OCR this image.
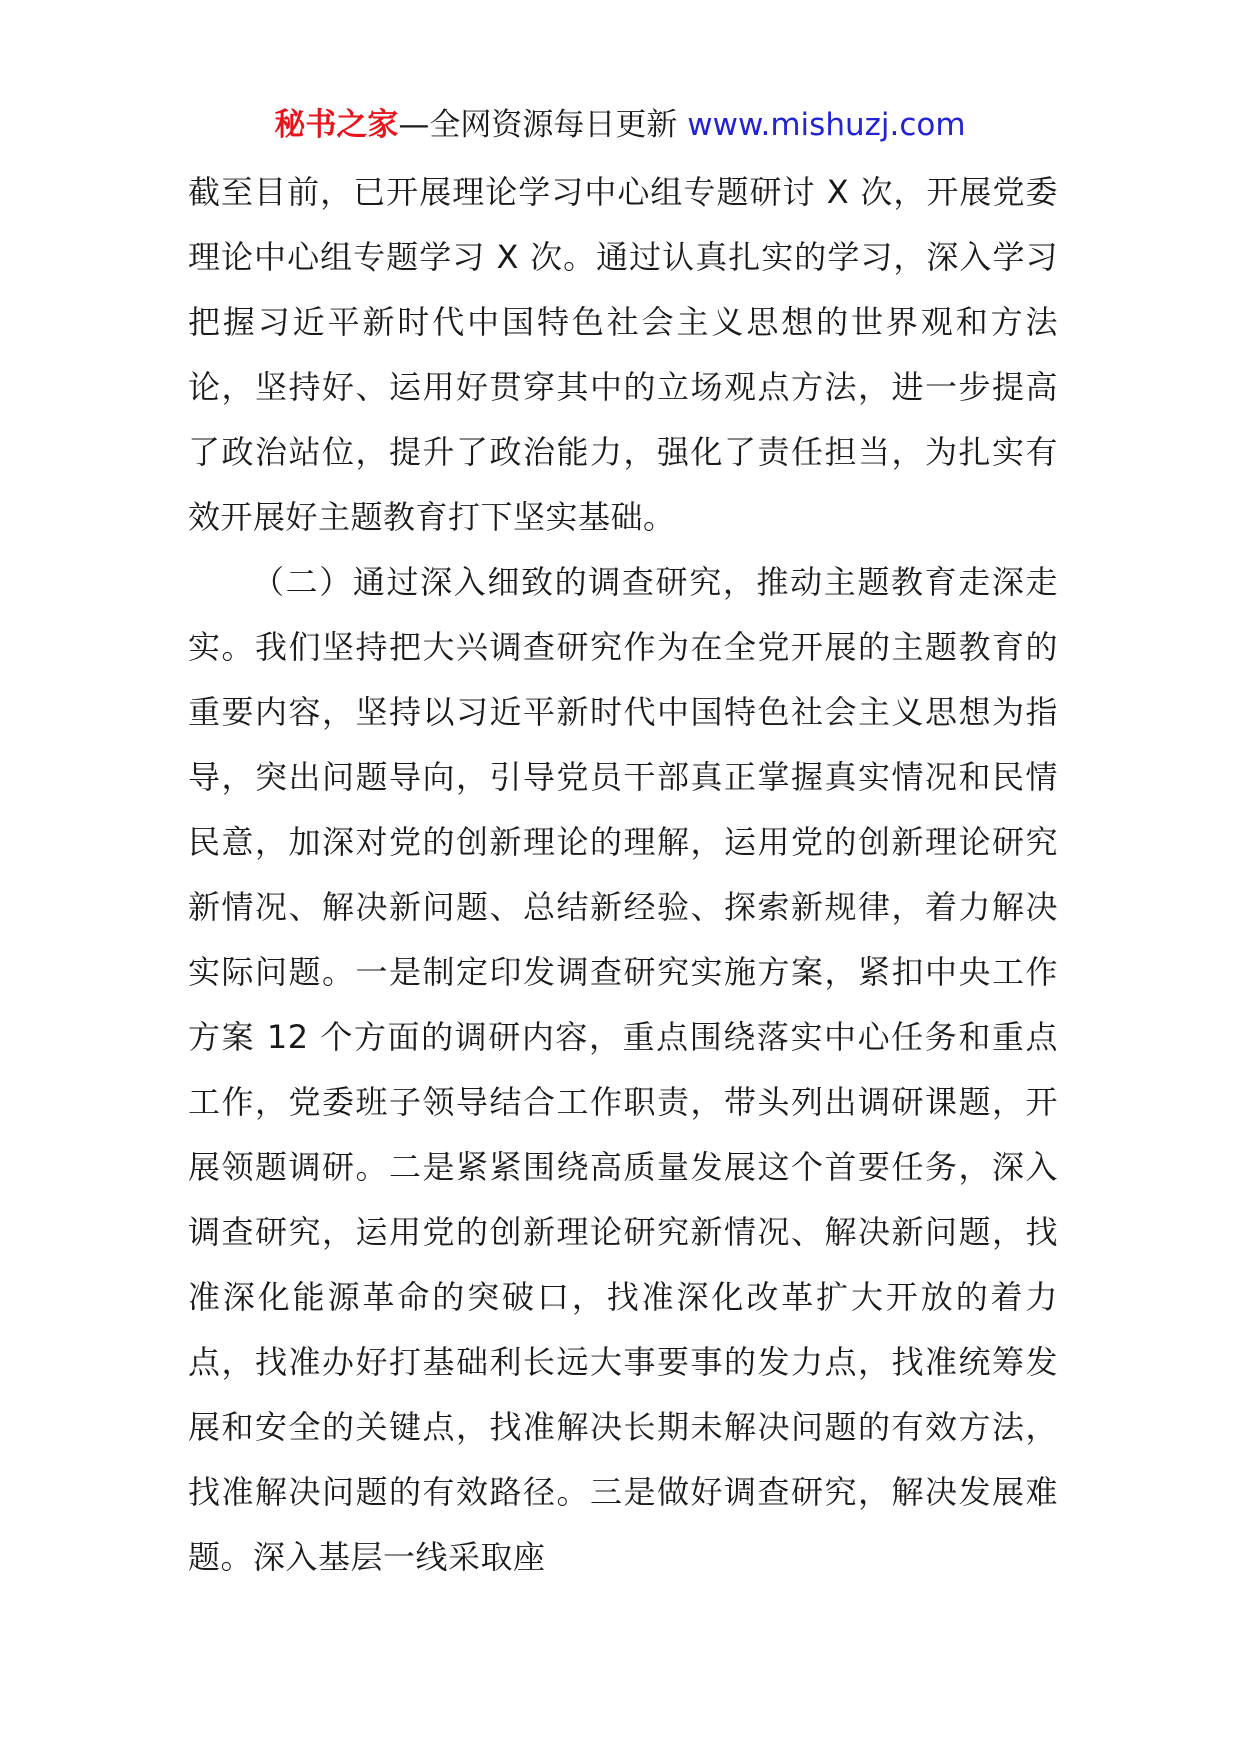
秘书之家—全网资源每日更新 www.mishuzj.com

截至目前，已开展理论学习中心组专题研讨 X 次，开展党委理论中心组专题学习 X 次。通过认真扎实的学习，深入学习把握习近平新时代中国特色社会主义思想的世界观和方法论，坚持好、运用好贯穿其中的立场观点方法，进一步提高了政治站位，提升了政治能力，强化了责任担当，为扎实有效开展好主题教育打下坚实基础。

（二）通过深入细致的调查研究，推动主题教育走深走实。我们坚持把大兴调查研究作为在全党开展的主题教育的重要内容，坚持以习近平新时代中国特色社会主义思想为指导，突出问题导向，引导党员干部真正掌握真实情况和民情民意，加深对党的创新理论的理解，运用党的创新理论研究新情况、解决新问题、总结新经验、探索新规律，着力解决实际问题。一是制定印发调查研究实施方案，紧扣中央工作方案 12 个方面的调研内容，重点围绕落实中心任务和重点工作，党委班子领导结合工作职责，带头列出调研课题，开展领题调研。二是紧紧围绕高质量发展这个首要任务，深入调查研究，运用党的创新理论研究新情况、解决新问题，找准深化能源革命的突破口，找准深化改革扩大开放的着力点，找准办好打基础利长远大事要事的发力点，找准统筹发展和安全的关键点，找准解决长期未解决问题的有效方法，找准解决问题的有效路径。三是做好调查研究，解决发展难题。深入基层一线采取座
